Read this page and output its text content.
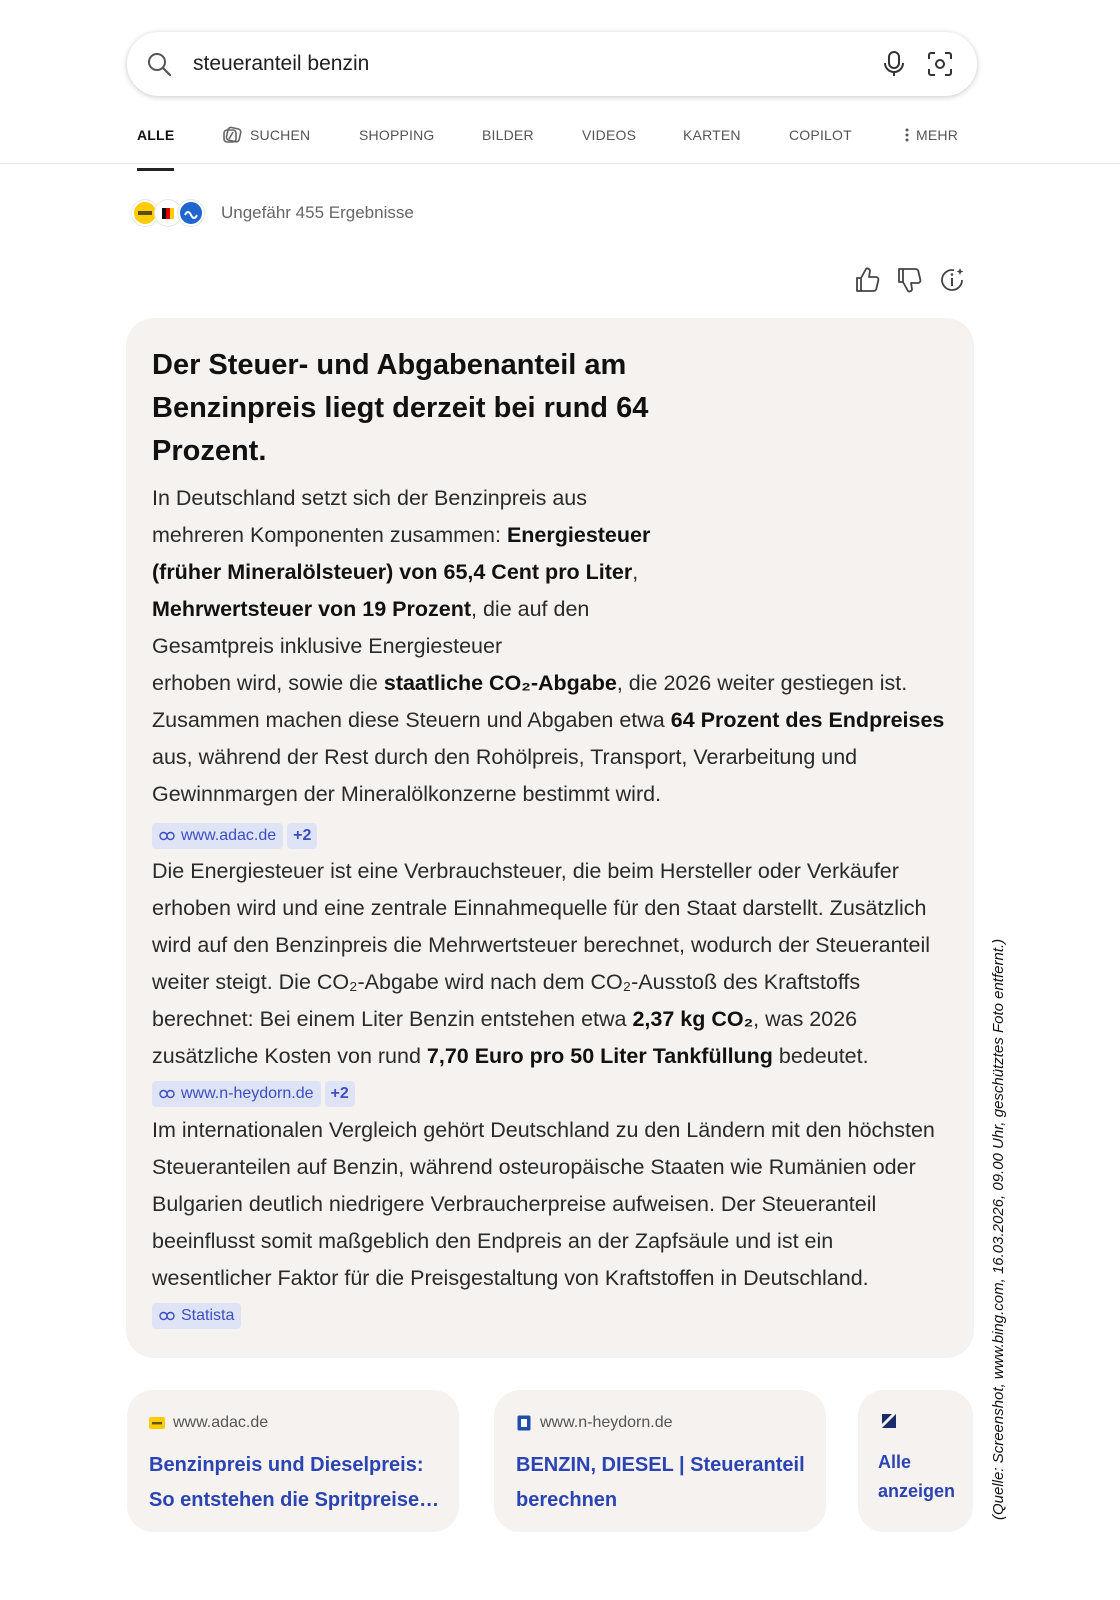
steueranteil benzin
ALLE	SUCHEN	SHOPPING	BILDER	VIDEOS	KARTEN	COPILOT	MEHR
Ungefähr 455 Ergebnisse
Der Steuer- und Abgabenanteil am Benzinpreis liegt derzeit bei rund 64 Prozent.
In Deutschland setzt sich der Benzinpreis aus mehreren Komponenten zusammen: Energiesteuer (früher Mineralölsteuer) von 65,4 Cent pro Liter, Mehrwertsteuer von 19 Prozent, die auf den Gesamtpreis inklusive Energiesteuer
erhoben wird, sowie die staatliche CO₂-Abgabe, die 2026 weiter gestiegen ist. Zusammen machen diese Steuern und Abgaben etwa 64 Prozent des Endpreises aus, während der Rest durch den Rohölpreis, Transport, Verarbeitung und Gewinnmargen der Mineralölkonzerne bestimmt wird.
www.adac.de +2
Die Energiesteuer ist eine Verbrauchsteuer, die beim Hersteller oder Verkäufer erhoben wird und eine zentrale Einnahmequelle für den Staat darstellt. Zusätzlich wird auf den Benzinpreis die Mehrwertsteuer berechnet, wodurch der Steueranteil weiter steigt. Die CO₂-Abgabe wird nach dem CO₂-Ausstoß des Kraftstoffs berechnet: Bei einem Liter Benzin entstehen etwa 2,37 kg CO₂, was 2026 zusätzliche Kosten von rund 7,70 Euro pro 50 Liter Tankfüllung bedeutet.
www.n-heydorn.de +2
Im internationalen Vergleich gehört Deutschland zu den Ländern mit den höchsten Steueranteilen auf Benzin, während osteuropäische Staaten wie Rumänien oder Bulgarien deutlich niedrigere Verbraucherpreise aufweisen. Der Steueranteil beeinflusst somit maßgeblich den Endpreis an der Zapfsäule und ist ein wesentlicher Faktor für die Preisgestaltung von Kraftstoffen in Deutschland.
Statista
www.adac.de
Benzinpreis und Dieselpreis: So entstehen die Spritpreise…
www.n-heydorn.de
BENZIN, DIESEL | Steueranteil berechnen
Alle anzeigen	(Quelle: Screenshot, www.bing.com, 16.03.2026, 09.00 Uhr, geschütztes Foto entfernt.)
